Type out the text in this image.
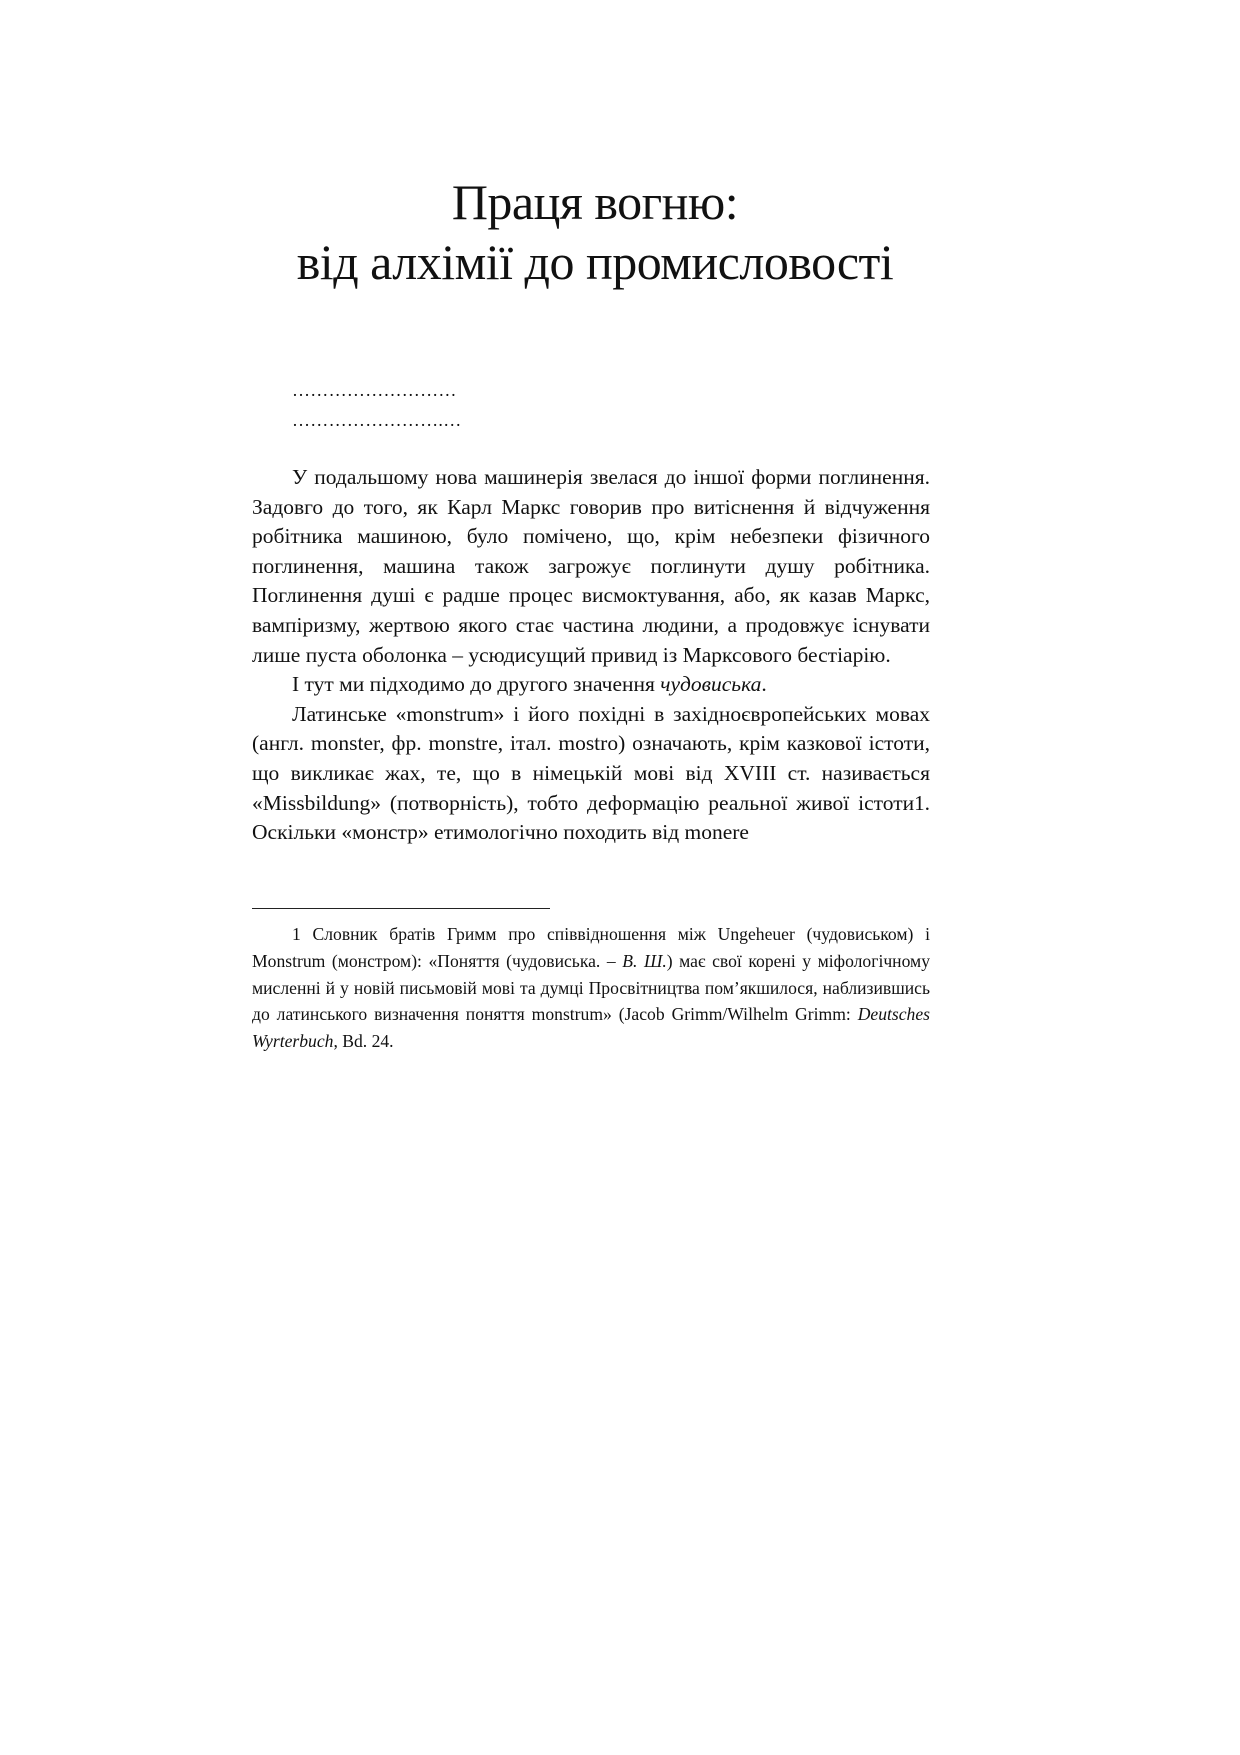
Праця вогню:
від алхімії до промисловості
………………………
…………………….…

У подальшому нова машинерія звелася до іншої форми поглинення. Задовго до того, як Карл Маркс говорив про витіснення й відчуження робітника машиною, було помічено, що, крім небезпеки фізичного поглинення, машина також загрожує поглинути душу робітника. Поглинення душі є радше процес висмоктування, або, як казав Маркс, вампіризму, жертвою якого стає частина людини, а продовжує існувати лише пуста оболонка – усюдисущий привид із Марксового бестіарію.

І тут ми підходимо до другого значення чудовиська.

Латинське «monstrum» і його похідні в західноєвропейських мовах (англ. monster, фр. monstre, італ. mostro) означають, крім казкової істоти, що викликає жах, те, що в німецькій мові від XVIII ст. називається «Missbildung» (потворність), тобто деформацію реальної живої істоти1. Оскільки «монстр» етимологічно походить від monere

1 Словник братів Гримм про співвідношення між Ungeheuer (чудовиськом) і Monstrum (монстром): «Поняття (чудовиська. – В. Ш.) має свої корені у міфологічному мисленні й у новій письмовій мові та думці Просвітництва пом’якшилося, наблизившись до латинського визначення поняття monstrum» (Jacob Grimm/Wilhelm Grimm: Deutsches Wyrterbuch, Bd. 24.
